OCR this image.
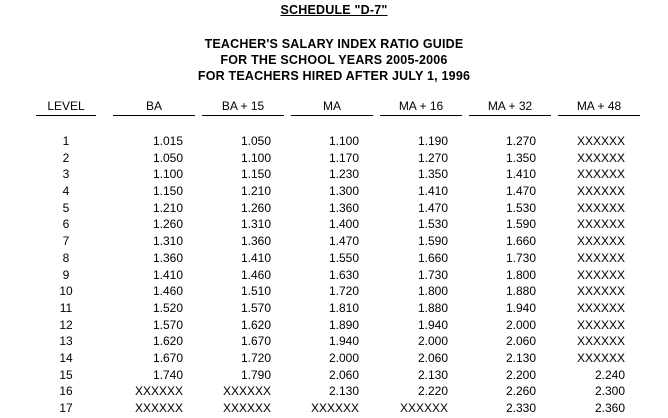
SCHEDULE "D-7"
TEACHER'S SALARY INDEX RATIO GUIDE
FOR THE SCHOOL YEARS 2005-2006
FOR TEACHERS HIRED AFTER JULY 1, 1996
LEVEL	BA	BA + 15	MA	MA + 16	MA + 32	MA + 48
1	1.015	1.050	1.100	1.190	1.270	XXXXXX
2	1.050	1.100	1.170	1.270	1.350	XXXXXX
3	1.100	1.150	1.230	1.350	1.410	XXXXXX
4	1.150	1.210	1.300	1.410	1.470	XXXXXX
5	1.210	1.260	1.360	1.470	1.530	XXXXXX
6	1.260	1.310	1.400	1.530	1.590	XXXXXX
7	1.310	1.360	1.470	1.590	1.660	XXXXXX
8	1.360	1.410	1.550	1.660	1.730	XXXXXX
9	1.410	1.460	1.630	1.730	1.800	XXXXXX
10	1.460	1.510	1.720	1.800	1.880	XXXXXX
11	1.520	1.570	1.810	1.880	1.940	XXXXXX
12	1.570	1.620	1.890	1.940	2.000	XXXXXX
13	1.620	1.670	1.940	2.000	2.060	XXXXXX
14	1.670	1.720	2.000	2.060	2.130	XXXXXX
15	1.740	1.790	2.060	2.130	2.200	2.240
16	XXXXXX	XXXXXX	2.130	2.220	2.260	2.300
17	XXXXXX	XXXXXX	XXXXXX	XXXXXX	2.330	2.360
